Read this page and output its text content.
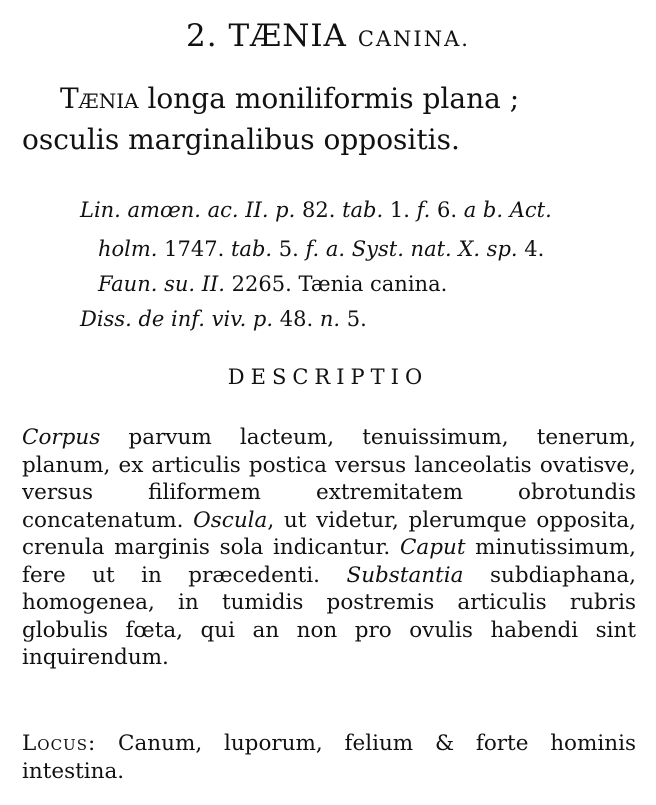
2. TÆNIA CANINA.
Tænia longa moniliformis plana ;
osculis marginalibus oppositis.
Lin. amœn. ac. II. p. 82. tab. 1. f. 6. a b. Act.
holm. 1747. tab. 5. f. a. Syst. nat. X. sp. 4.
Faun. su. II. 2265. Tænia canina.
Diss. de inf. viv. p. 48. n. 5.
DESCRIPTIO
Corpus parvum lacteum, tenuissimum, tenerum, planum, ex articulis postica versus lanceolatis ovatisve, versus filiformem extremitatem obrotundis concatenatum. Oscula, ut videtur, plerumque opposita, crenula marginis sola indicantur. Caput minutissimum, fere ut in præcedenti. Substantia subdiaphana, homogenea, in tumidis postremis articulis rubris globulis fœta, qui an non pro ovulis habendi sint inquirendum.
Locus: Canum, luporum, felium & forte hominis intestina.
